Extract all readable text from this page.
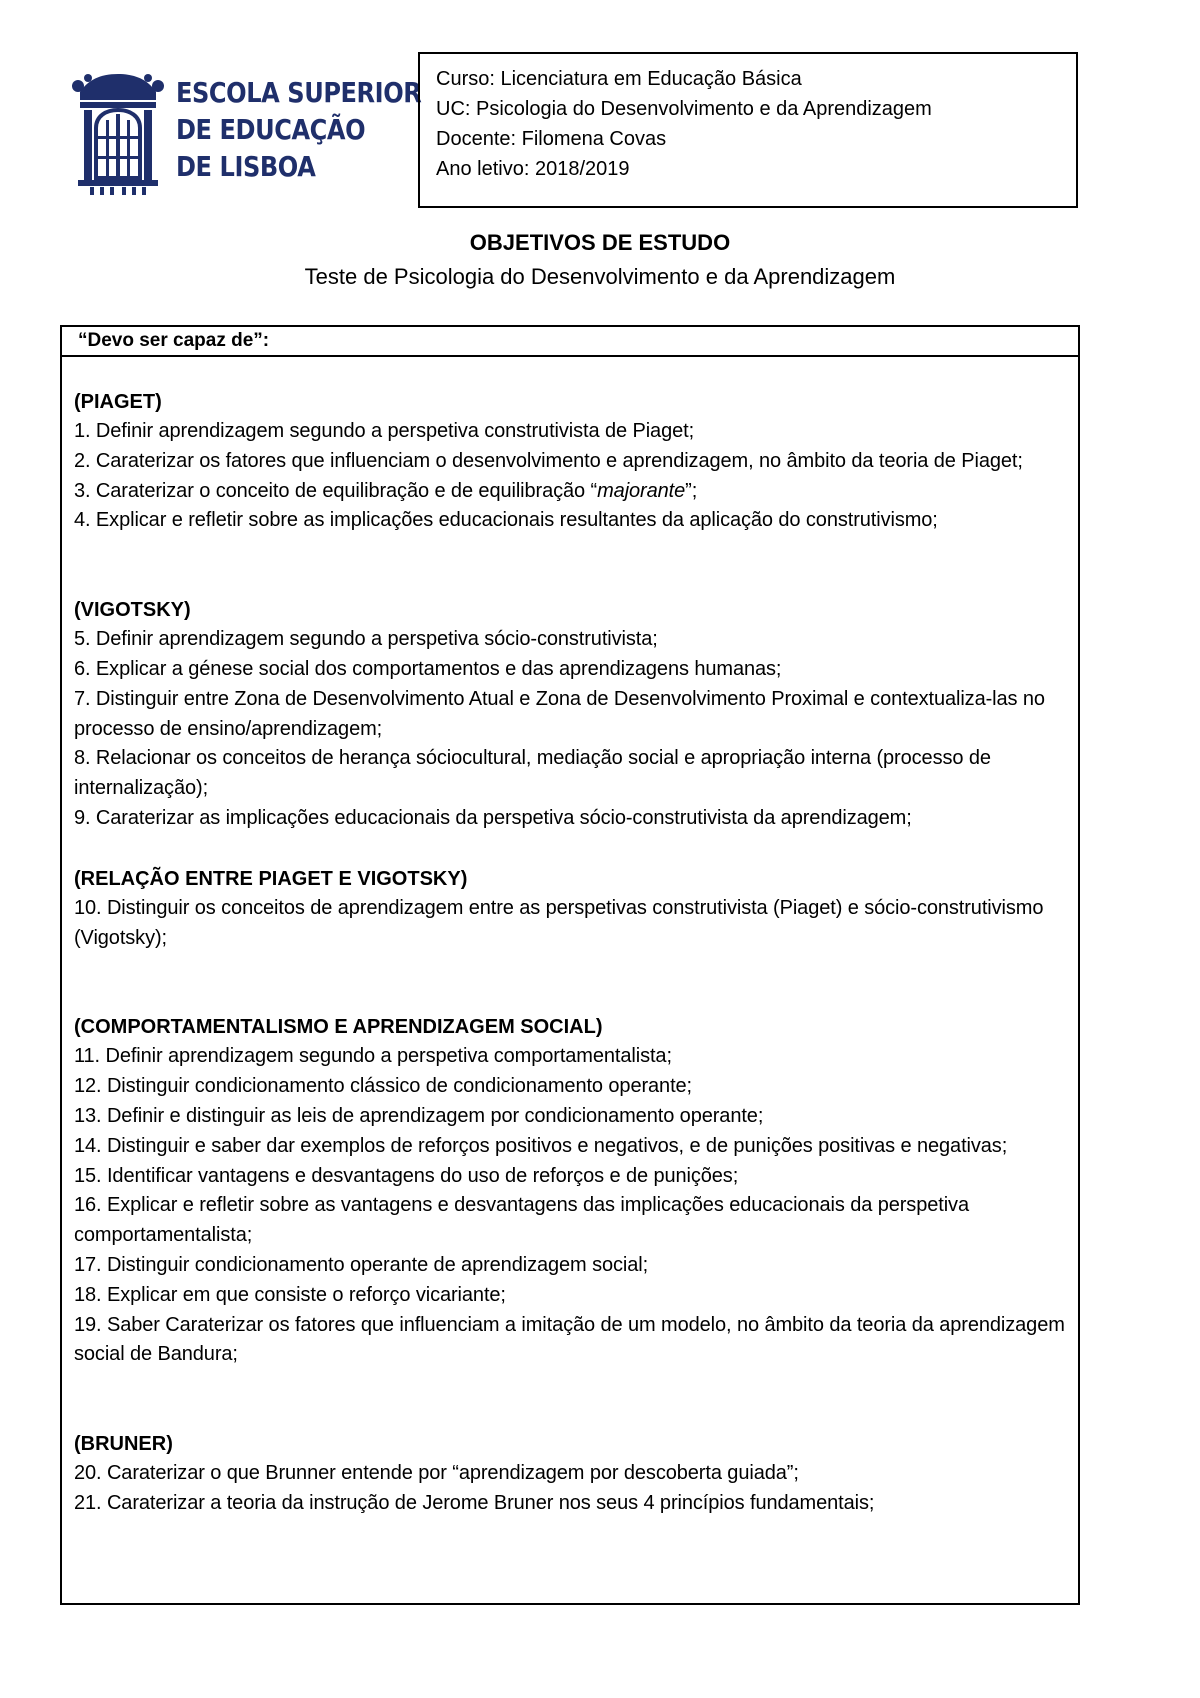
ESCOLA SUPERIOR
DE EDUCAÇÃO
DE LISBOA
Curso: Licenciatura em Educação Básica
UC: Psicologia do Desenvolvimento e da Aprendizagem
Docente: Filomena Covas
Ano letivo: 2018/2019
OBJETIVOS DE ESTUDO
Teste de Psicologia do Desenvolvimento e da Aprendizagem
“Devo ser capaz de”:
(PIAGET)
1. Definir aprendizagem segundo a perspetiva construtivista de Piaget;
2. Caraterizar os fatores que influenciam o desenvolvimento e aprendizagem, no âmbito da teoria de Piaget;
3. Caraterizar o conceito de equilibração e de equilibração “majorante”;
4. Explicar e refletir sobre as implicações educacionais resultantes da aplicação do construtivismo;
(VIGOTSKY)
5. Definir aprendizagem segundo a perspetiva sócio-construtivista;
6. Explicar a génese social dos comportamentos e das aprendizagens humanas;
7. Distinguir entre Zona de Desenvolvimento Atual e Zona de Desenvolvimento Proximal e contextualiza-las no processo de ensino/aprendizagem;
8. Relacionar os conceitos de herança sóciocultural, mediação social e apropriação interna (processo de internalização);
9. Caraterizar as implicações educacionais da perspetiva sócio-construtivista da aprendizagem;
(RELAÇÃO ENTRE PIAGET E VIGOTSKY)
10. Distinguir os conceitos de aprendizagem entre as perspetivas construtivista (Piaget) e sócio-construtivismo (Vigotsky);
(COMPORTAMENTALISMO E APRENDIZAGEM SOCIAL)
11. Definir aprendizagem segundo a perspetiva comportamentalista;
12. Distinguir condicionamento clássico de condicionamento operante;
13. Definir e distinguir as leis de aprendizagem por condicionamento operante;
14. Distinguir e saber dar exemplos de reforços positivos e negativos, e de punições positivas e negativas;
15. Identificar vantagens e desvantagens do uso de reforços e de punições;
16. Explicar e refletir sobre as vantagens e desvantagens das implicações educacionais da perspetiva comportamentalista;
17. Distinguir condicionamento operante de aprendizagem social;
18. Explicar em que consiste o reforço vicariante;
19. Saber Caraterizar os fatores que influenciam a imitação de um modelo, no âmbito da teoria da aprendizagem social de Bandura;
(BRUNER)
20. Caraterizar o que Brunner entende por “aprendizagem por descoberta guiada”;
21. Caraterizar a teoria da instrução de Jerome Bruner nos seus 4 princípios fundamentais;
